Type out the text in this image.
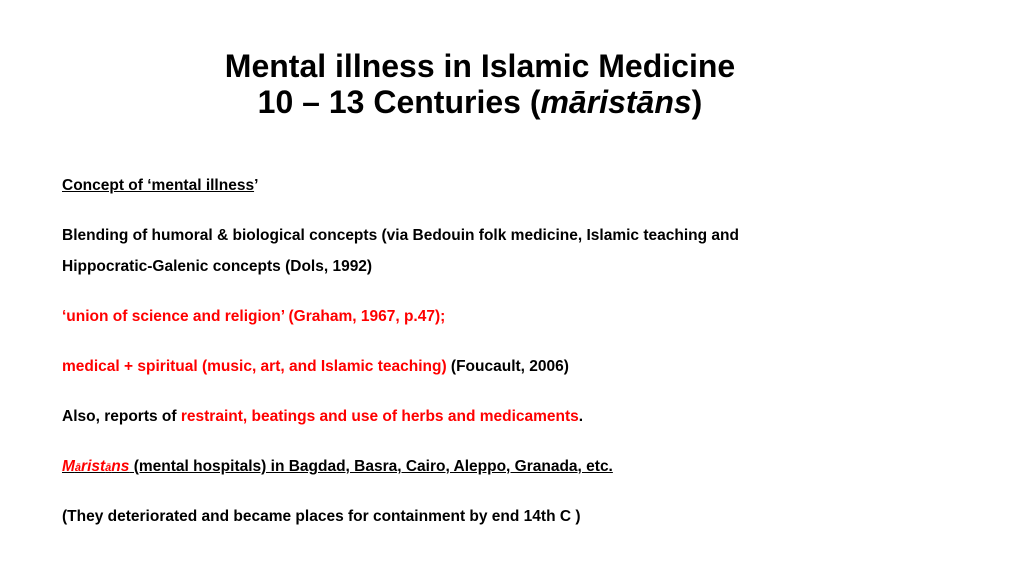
Mental illness in Islamic Medicine
10 – 13 Centuries (māristāns)

Concept of ‘mental illness’

Blending of humoral & biological concepts (via Bedouin folk medicine, Islamic teaching and

Hippocratic-Galenic concepts (Dols, 1992)

‘union of science and religion’ (Graham, 1967, p.47);

medical + spiritual (music, art, and Islamic teaching) (Foucault, 2006)

Also, reports of restraint, beatings and use of herbs and medicaments.

Māristāns (mental hospitals) in Bagdad, Basra, Cairo, Aleppo, Granada, etc.

(They deteriorated and became places for containment by end 14th C )
